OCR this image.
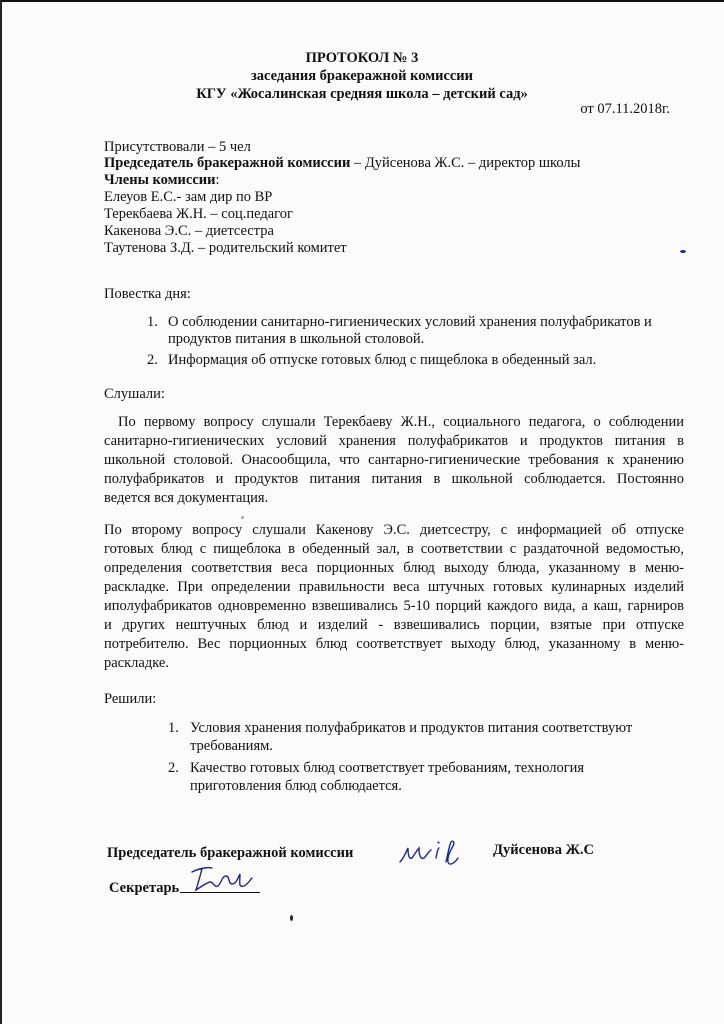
ПРОТОКОЛ № 3
заседания бракеражной комиссии
КГУ «Жосалинская средняя школа – детский сад»
от 07.11.2018г.
Присутствовали – 5 чел
Председатель бракеражной комиссии – Дуйсенова Ж.С. – директор школы
Члены комиссии:
Елеуов Е.С.- зам дир по ВР
Терекбаева Ж.Н. – соц.педагог
Какенова Э.С. – диетсестра
Таутенова З.Д. – родительский комитет
Повестка дня:
1. О соблюдении санитарно-гигиенических условий хранения полуфабрикатов и
продуктов питания в школьной столовой.
2. Информация об отпуске готовых блюд с пищеблока в обеденный зал.
Слушали:
По первому вопросу слушали Терекбаеву Ж.Н., социального педагога, о соблюдении
санитарно-гигиенических условий хранения полуфабрикатов и продуктов питания в
школьной столовой. Онасообщила, что сантарно-гигиенические требования к хранению
полуфабрикатов и продуктов питания питания в школьной соблюдается. Постоянно
ведется вся документация.
По второму вопросу слушали Какенову Э.С. диетсестру, с информацией об отпуске
готовых блюд с пищеблока в обеденный зал, в соответствии с раздаточной ведомостью,
определения соответствия веса порционных блюд выходу блюда, указанному в меню-
раскладке. При определении правильности веса штучных готовых кулинарных изделий
иполуфабрикатов одновременно взвешивались 5-10 порций каждого вида, а каш, гарниров
и других нештучных блюд и изделий - взвешивались порции, взятые при отпуске
потребителю. Вес порционных блюд соответствует выходу блюд, указанному в меню-
раскладке.
Решили:
1. Условия хранения полуфабрикатов и продуктов питания соответствуют
требованиям.
2. Качество готовых блюд соответствует требованиям, технология
приготовления блюд соблюдается.
Председатель бракеражной комиссии	Дуйсенова Ж.С
Секретарь
